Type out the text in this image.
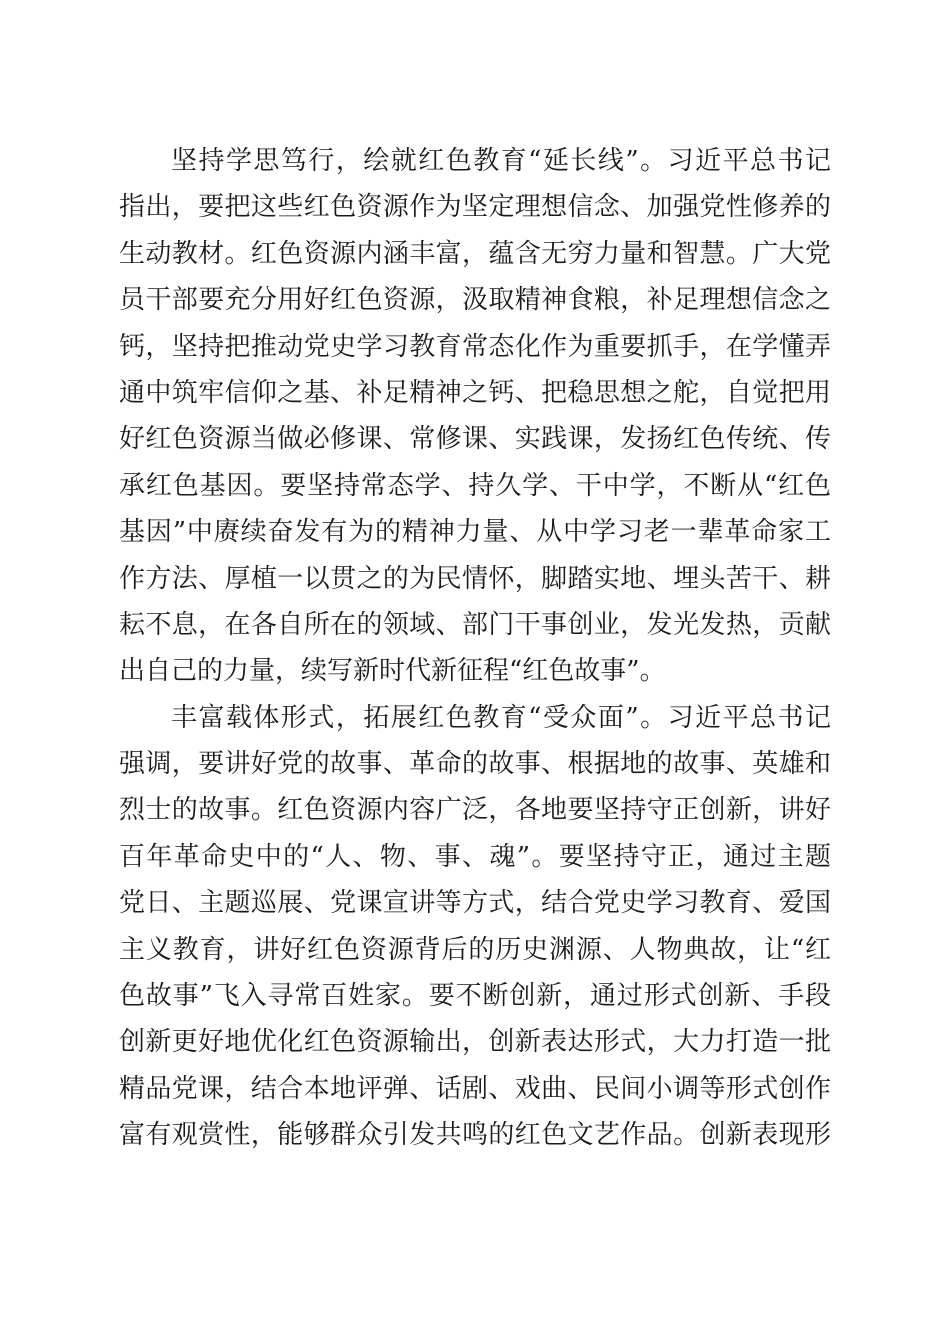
坚持学思笃行，绘就红色教育“延长线”。习近平总书记
指出，要把这些红色资源作为坚定理想信念、加强党性修养的
生动教材。红色资源内涵丰富，蕴含无穷力量和智慧。广大党
员干部要充分用好红色资源，汲取精神食粮，补足理想信念之
钙，坚持把推动党史学习教育常态化作为重要抓手，在学懂弄
通中筑牢信仰之基、补足精神之钙、把稳思想之舵，自觉把用
好红色资源当做必修课、常修课、实践课，发扬红色传统、传
承红色基因。要坚持常态学、持久学、干中学，不断从“红色
基因”中赓续奋发有为的精神力量、从中学习老一辈革命家工
作方法、厚植一以贯之的为民情怀，脚踏实地、埋头苦干、耕
耘不息，在各自所在的领域、部门干事创业，发光发热，贡献
出自己的力量，续写新时代新征程“红色故事”。
丰富载体形式，拓展红色教育“受众面”。习近平总书记
强调，要讲好党的故事、革命的故事、根据地的故事、英雄和
烈士的故事。红色资源内容广泛，各地要坚持守正创新，讲好
百年革命史中的“人、物、事、魂”。要坚持守正，通过主题
党日、主题巡展、党课宣讲等方式，结合党史学习教育、爱国
主义教育，讲好红色资源背后的历史渊源、人物典故，让“红
色故事”飞入寻常百姓家。要不断创新，通过形式创新、手段
创新更好地优化红色资源输出，创新表达形式，大力打造一批
精品党课，结合本地评弹、话剧、戏曲、民间小调等形式创作
富有观赏性，能够群众引发共鸣的红色文艺作品。创新表现形
